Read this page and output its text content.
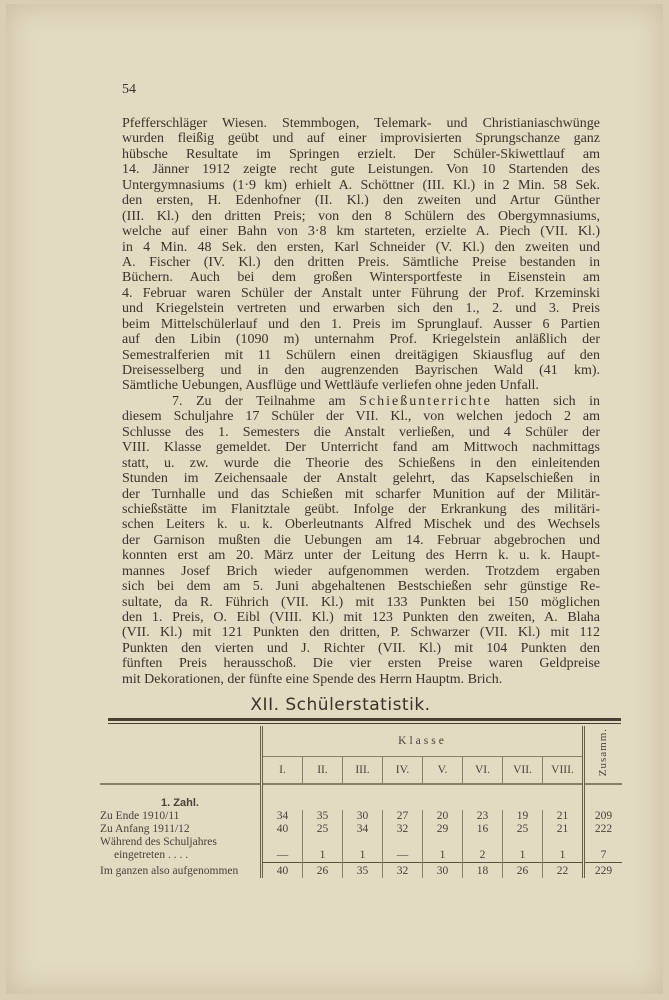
54
Pfefferschläger Wiesen. Stemmbogen, Telemark- und Christianiaschwünge
wurden fleißig geübt und auf einer improvisierten Sprungschanze ganz
hübsche Resultate im Springen erzielt. Der Schüler-Skiwettlauf am
14. Jänner 1912 zeigte recht gute Leistungen. Von 10 Startenden des
Untergymnasiums (1·9 km) erhielt A. Schöttner (III. Kl.) in 2 Min. 58 Sek.
den ersten, H. Edenhofner (II. Kl.) den zweiten und Artur Günther
(III. Kl.) den dritten Preis; von den 8 Schülern des Obergymnasiums,
welche auf einer Bahn von 3·8 km starteten, erzielte A. Piech (VII. Kl.)
in 4 Min. 48 Sek. den ersten, Karl Schneider (V. Kl.) den zweiten und
A. Fischer (IV. Kl.) den dritten Preis. Sämtliche Preise bestanden in
Büchern. Auch bei dem großen Wintersportfeste in Eisenstein am
4. Februar waren Schüler der Anstalt unter Führung der Prof. Krzeminski
und Kriegelstein vertreten und erwarben sich den 1., 2. und 3. Preis
beim Mittelschülerlauf und den 1. Preis im Sprunglauf. Ausser 6 Partien
auf den Libin (1090 m) unternahm Prof. Kriegelstein anläßlich der
Semestralferien mit 11 Schülern einen dreitägigen Skiausflug auf den
Dreisesselberg und in den augrenzenden Bayrischen Wald (41 km).
Sämtliche Uebungen, Ausflüge und Wettläufe verliefen ohne jeden Unfall.
7. Zu der Teilnahme am Schießunterrichte hatten sich in
diesem Schuljahre 17 Schüler der VII. Kl., von welchen jedoch 2 am
Schlusse des 1. Semesters die Anstalt verließen, und 4 Schüler der
VIII. Klasse gemeldet. Der Unterricht fand am Mittwoch nachmittags
statt, u. zw. wurde die Theorie des Schießens in den einleitenden
Stunden im Zeichensaale der Anstalt gelehrt, das Kapselschießen in
der Turnhalle und das Schießen mit scharfer Munition auf der Militär-
schießstätte im Flanitztale geübt. Infolge der Erkrankung des militäri-
schen Leiters k. u. k. Oberleutnants Alfred Mischek und des Wechsels
der Garnison mußten die Uebungen am 14. Februar abgebrochen und
konnten erst am 20. März unter der Leitung des Herrn k. u. k. Haupt-
mannes Josef Brich wieder aufgenommen werden. Trotzdem ergaben
sich bei dem am 5. Juni abgehaltenen Bestschießen sehr günstige Re-
sultate, da R. Führich (VII. Kl.) mit 133 Punkten bei 150 möglichen
den 1. Preis, O. Eibl (VIII. Kl.) mit 123 Punkten den zweiten, A. Blaha
(VII. Kl.) mit 121 Punkten den dritten, P. Schwarzer (VII. Kl.) mit 112
Punkten den vierten und J. Richter (VII. Kl.) mit 104 Punkten den
fünften Preis herausschoß. Die vier ersten Preise waren Geldpreise
mit Dekorationen, der fünfte eine Spende des Herrn Hauptm. Brich.
XII. Schülerstatistik.
	Klasse								Zusamm.
	I.	II.	III.	IV.	V.	VI.	VII.	VIII.	

1. Zahl.									
Zu Ende 1910/11	34	35	30	27	20	23	19	21	209
Zu Anfang 1911/12	40	25	34	32	29	16	25	21	222

Während des Schuljahres
eingetreten . . . .	—	1	1	—	1	2	1	1	7
Im ganzen also aufgenommen	40	26	35	32	30	18	26	22	229
